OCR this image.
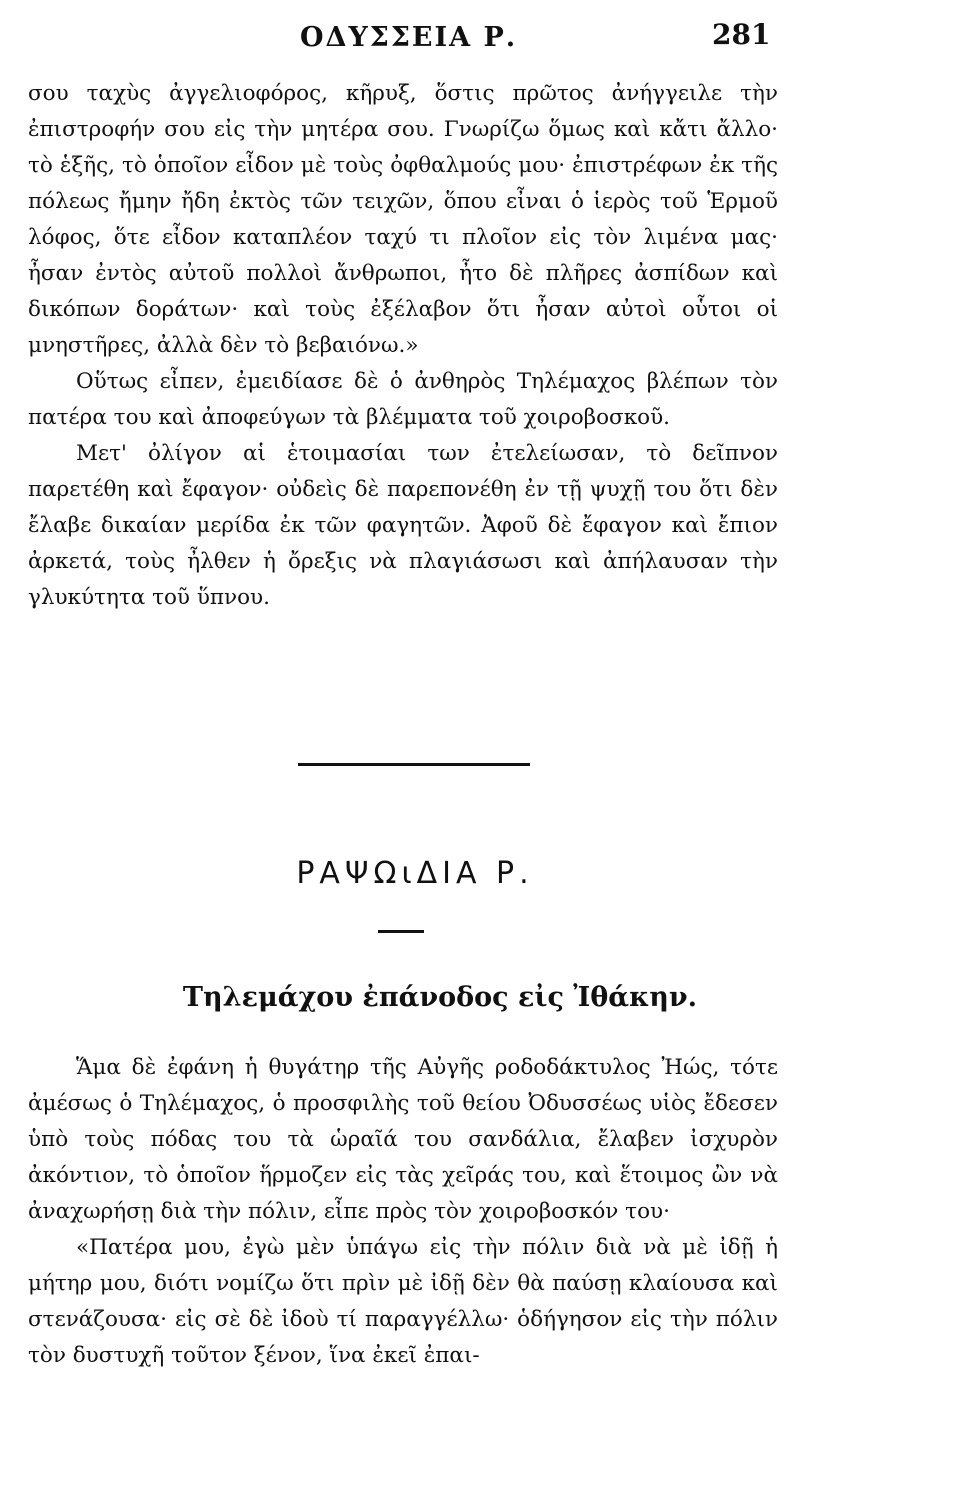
ΟΔΥΣΣΕΙΑ Ρ.	281

σου ταχὺς ἀγγελιοφόρος, κῆρυξ, ὅστις πρῶτος ἀνήγγειλε τὴν ἐπιστροφήν σου εἰς τὴν μητέρα σου. Γνωρίζω ὅμως καὶ κἄτι ἄλλο· τὸ ἑξῆς, τὸ ὁποῖον εἶδον μὲ τοὺς ὀφθαλμούς μου· ἐπιστρέφων ἐκ τῆς πόλεως ἤμην ἤδη ἐκτὸς τῶν τειχῶν, ὅπου εἶναι ὁ ἱερὸς τοῦ Ἑρμοῦ λόφος, ὅτε εἶδον καταπλέον ταχύ τι πλοῖον εἰς τὸν λιμένα μας· ἦσαν ἐντὸς αὐτοῦ πολλοὶ ἄνθρωποι, ἦτο δὲ πλῆρες ἀσπίδων καὶ δικόπων δοράτων· καὶ τοὺς ἐξέλαβον ὅτι ἦσαν αὐτοὶ οὗτοι οἱ μνηστῆρες, ἀλλὰ δὲν τὸ βεβαιόνω.»

Οὕτως εἶπεν, ἐμειδίασε δὲ ὁ ἀνθηρὸς Τηλέμαχος βλέπων τὸν πατέρα του καὶ ἀποφεύγων τὰ βλέμματα τοῦ χοιροβοσκοῦ.

Μετ' ὀλίγον αἱ ἑτοιμασίαι των ἐτελείωσαν, τὸ δεῖπνον παρετέθη καὶ ἔφαγον· οὐδεὶς δὲ παρεπονέθη ἐν τῇ ψυχῇ του ὅτι δὲν ἔλαβε δικαίαν μερίδα ἐκ τῶν φαγητῶν. Ἀφοῦ δὲ ἔφαγον καὶ ἔπιον ἀρκετά, τοὺς ἦλθεν ἡ ὄρεξις νὰ πλαγιάσωσι καὶ ἀπήλαυσαν τὴν γλυκύτητα τοῦ ὕπνου.

ΡΑΨΩιΔΙΑ Ρ.
Τηλεμάχου ἐπάνοδος εἰς Ἰθάκην.

Ἅμα δὲ ἐφάνη ἡ θυγάτηρ τῆς Αὐγῆς ροδοδάκτυλος Ἠώς, τότε ἀμέσως ὁ Τηλέμαχος, ὁ προσφιλὴς τοῦ θείου Ὀδυσσέως υἱὸς ἔδεσεν ὑπὸ τοὺς πόδας του τὰ ὡραῖά του σανδάλια, ἔλαβεν ἰσχυρὸν ἀκόντιον, τὸ ὁποῖον ἥρμοζεν εἰς τὰς χεῖράς του, καὶ ἕτοιμος ὢν νὰ ἀναχωρήσῃ διὰ τὴν πόλιν, εἶπε πρὸς τὸν χοιροβοσκόν του·

«Πατέρα μου, ἐγὼ μὲν ὑπάγω εἰς τὴν πόλιν διὰ νὰ μὲ ἰδῇ ἡ μήτηρ μου, διότι νομίζω ὅτι πρὶν μὲ ἰδῇ δὲν θὰ παύσῃ κλαίουσα καὶ στενάζουσα· εἰς σὲ δὲ ἰδοὺ τί παραγγέλλω· ὁδήγησον εἰς τὴν πόλιν τὸν δυστυχῆ τοῦτον ξένον, ἵνα ἐκεῖ ἐπαι-
